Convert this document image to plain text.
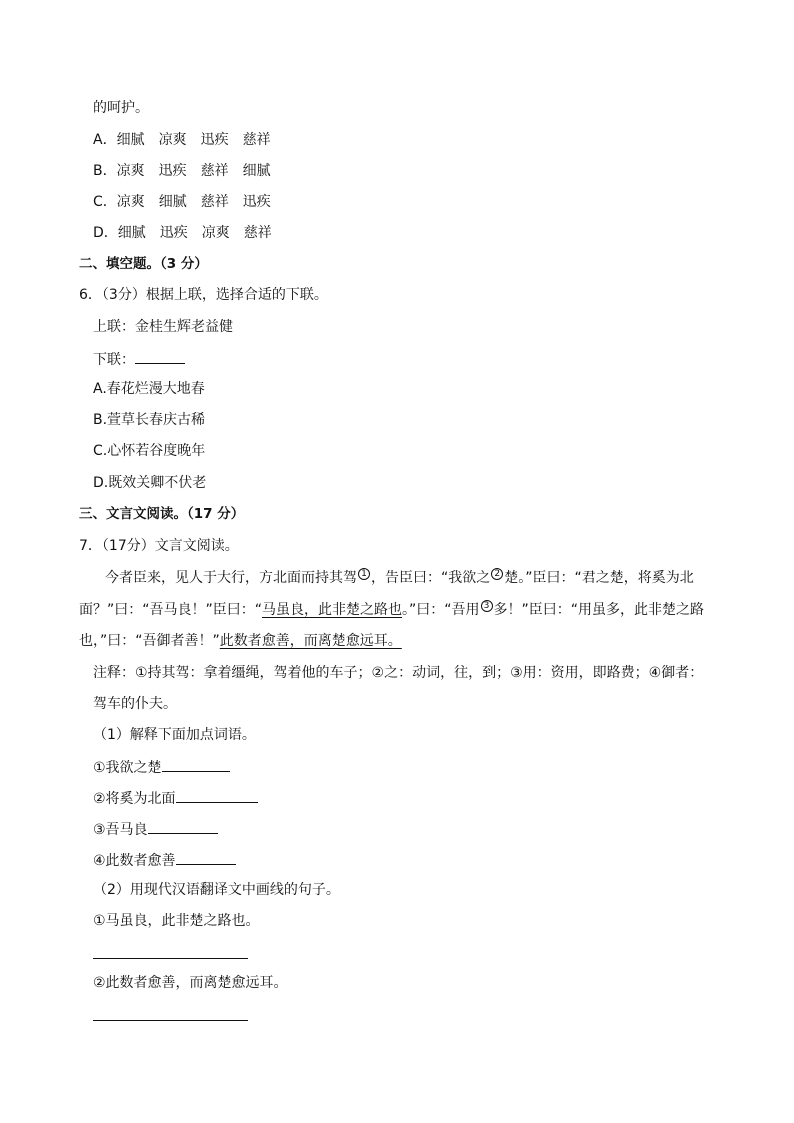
的呵护。
A．细腻 凉爽 迅疾 慈祥
B．凉爽 迅疾 慈祥 细腻
C．凉爽 细腻 慈祥 迅疾
D．细腻 迅疾 凉爽 慈祥
二、填空题。（3 分）
6．（3分）根据上联，选择合适的下联。
上联：金桂生辉老益健
下联：
A.春花烂漫大地春
B.萱草长春庆古稀
C.心怀若谷度晚年
D.既效关卿不伏老
三、文言文阅读。（17 分）
7．（17分）文言文阅读。
今者臣来，见人于大行，方北面而持其驾 1 ，告臣曰：“我欲之 2 楚。”臣曰：“君之楚，将奚为北
面？”曰：“吾马良！”臣曰：“马虽良，此非楚之路也。”曰：“吾用 3 多！”臣曰：“用虽多，此非楚之路
也，”曰：“吾御者善！”此数者愈善，而离楚愈远耳。
注释：①持其驾：拿着缰绳，驾着他的车子；②之：动词，往，到；③用：资用，即路费；④御者：
驾车的仆夫。
（1）解释下面加点词语。
①我欲之楚
②将奚为北面
③吾马良
④此数者愈善
（2）用现代汉语翻译文中画线的句子。
①马虽良，此非楚之路也。
②此数者愈善，而离楚愈远耳。
